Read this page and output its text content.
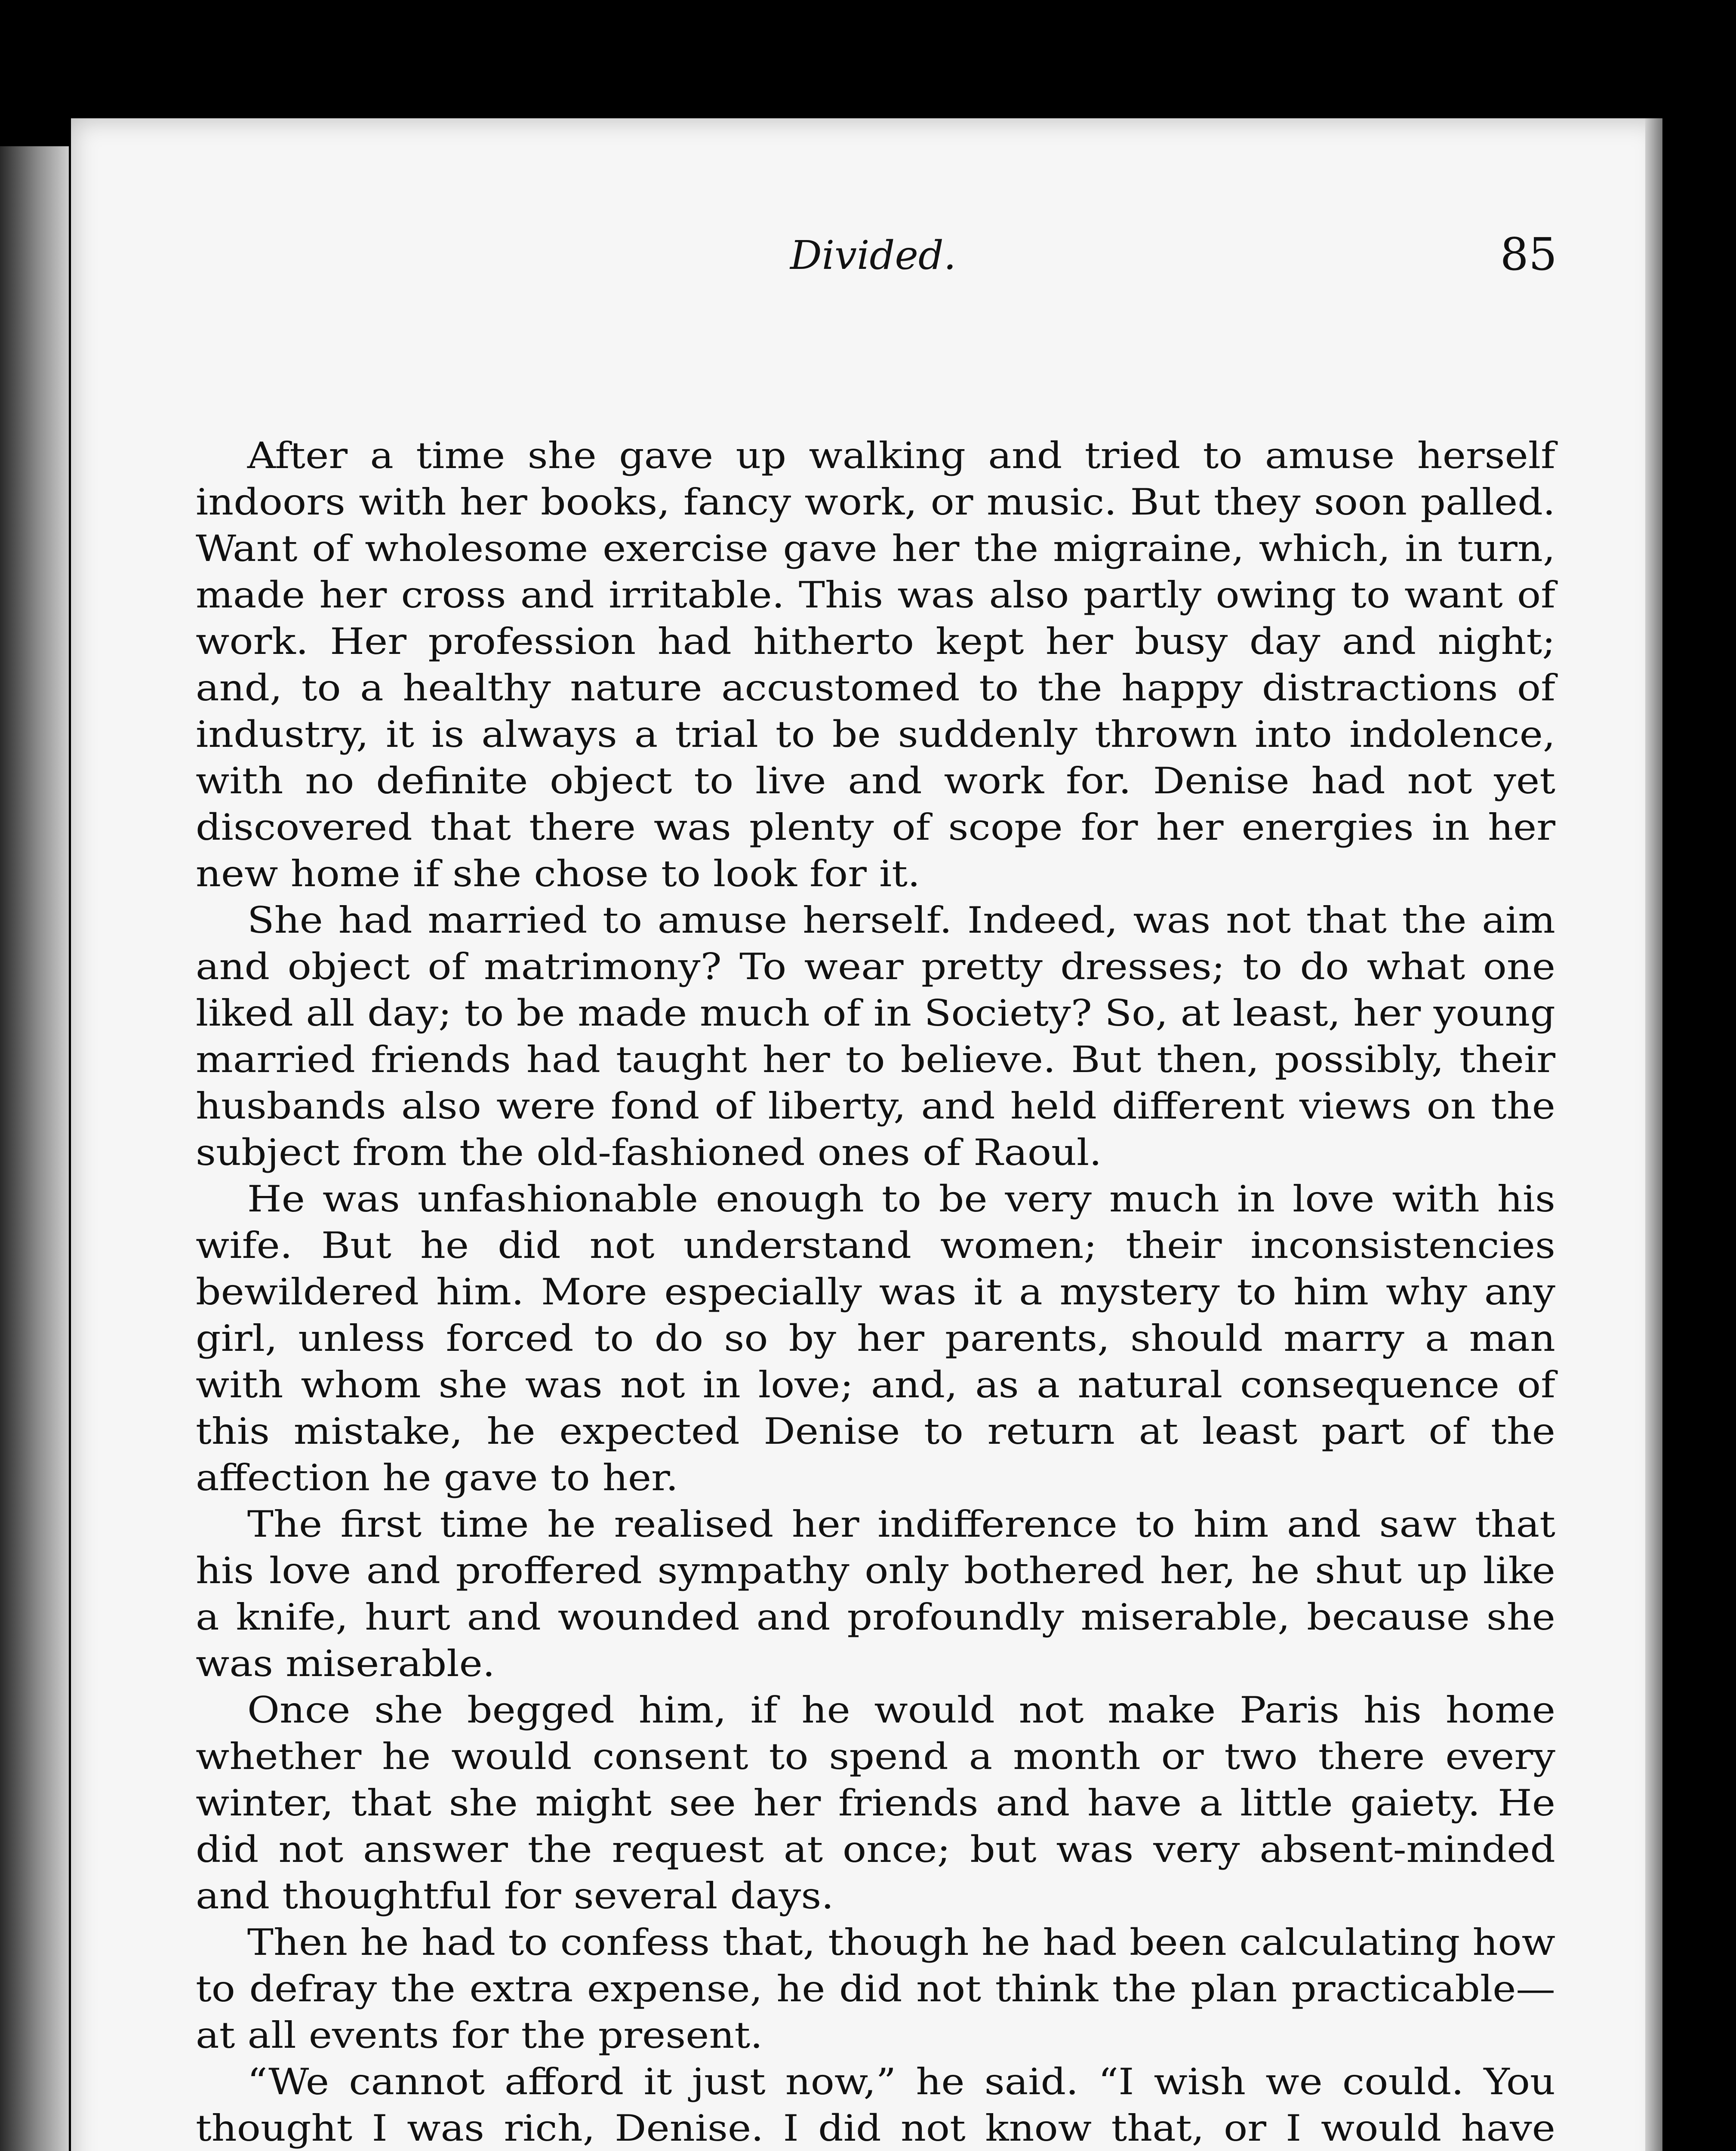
Divided.	85

After a time she gave up walking and tried to amuse herself indoors with her books, fancy work, or music. But they soon palled. Want of wholesome exercise gave her the migraine, which, in turn, made her cross and irritable. This was also partly owing to want of work. Her profession had hitherto kept her busy day and night; and, to a healthy nature accustomed to the happy distractions of industry, it is always a trial to be suddenly thrown into indolence, with no definite object to live and work for. Denise had not yet discovered that there was plenty of scope for her energies in her new home if she chose to look for it.

She had married to amuse herself. Indeed, was not that the aim and object of matrimony? To wear pretty dresses; to do what one liked all day; to be made much of in Society? So, at least, her young married friends had taught her to believe. But then, possibly, their husbands also were fond of liberty, and held different views on the subject from the old-fashioned ones of Raoul.

He was unfashionable enough to be very much in love with his wife. But he did not understand women; their inconsistencies bewildered him. More especially was it a mystery to him why any girl, unless forced to do so by her parents, should marry a man with whom she was not in love; and, as a natural consequence of this mistake, he expected Denise to return at least part of the affection he gave to her.

The first time he realised her indifference to him and saw that his love and proffered sympathy only bothered her, he shut up like a knife, hurt and wounded and profoundly miserable, because she was miserable.

Once she begged him, if he would not make Paris his home whether he would consent to spend a month or two there every winter, that she might see her friends and have a little gaiety. He did not answer the request at once; but was very absent-minded and thoughtful for several days.

Then he had to confess that, though he had been calculating how to defray the extra expense, he did not think the plan practicable— at all events for the present.

“We cannot afford it just now,” he said. “I wish we could. You thought I was rich, Denise. I did not know that, or I would have
